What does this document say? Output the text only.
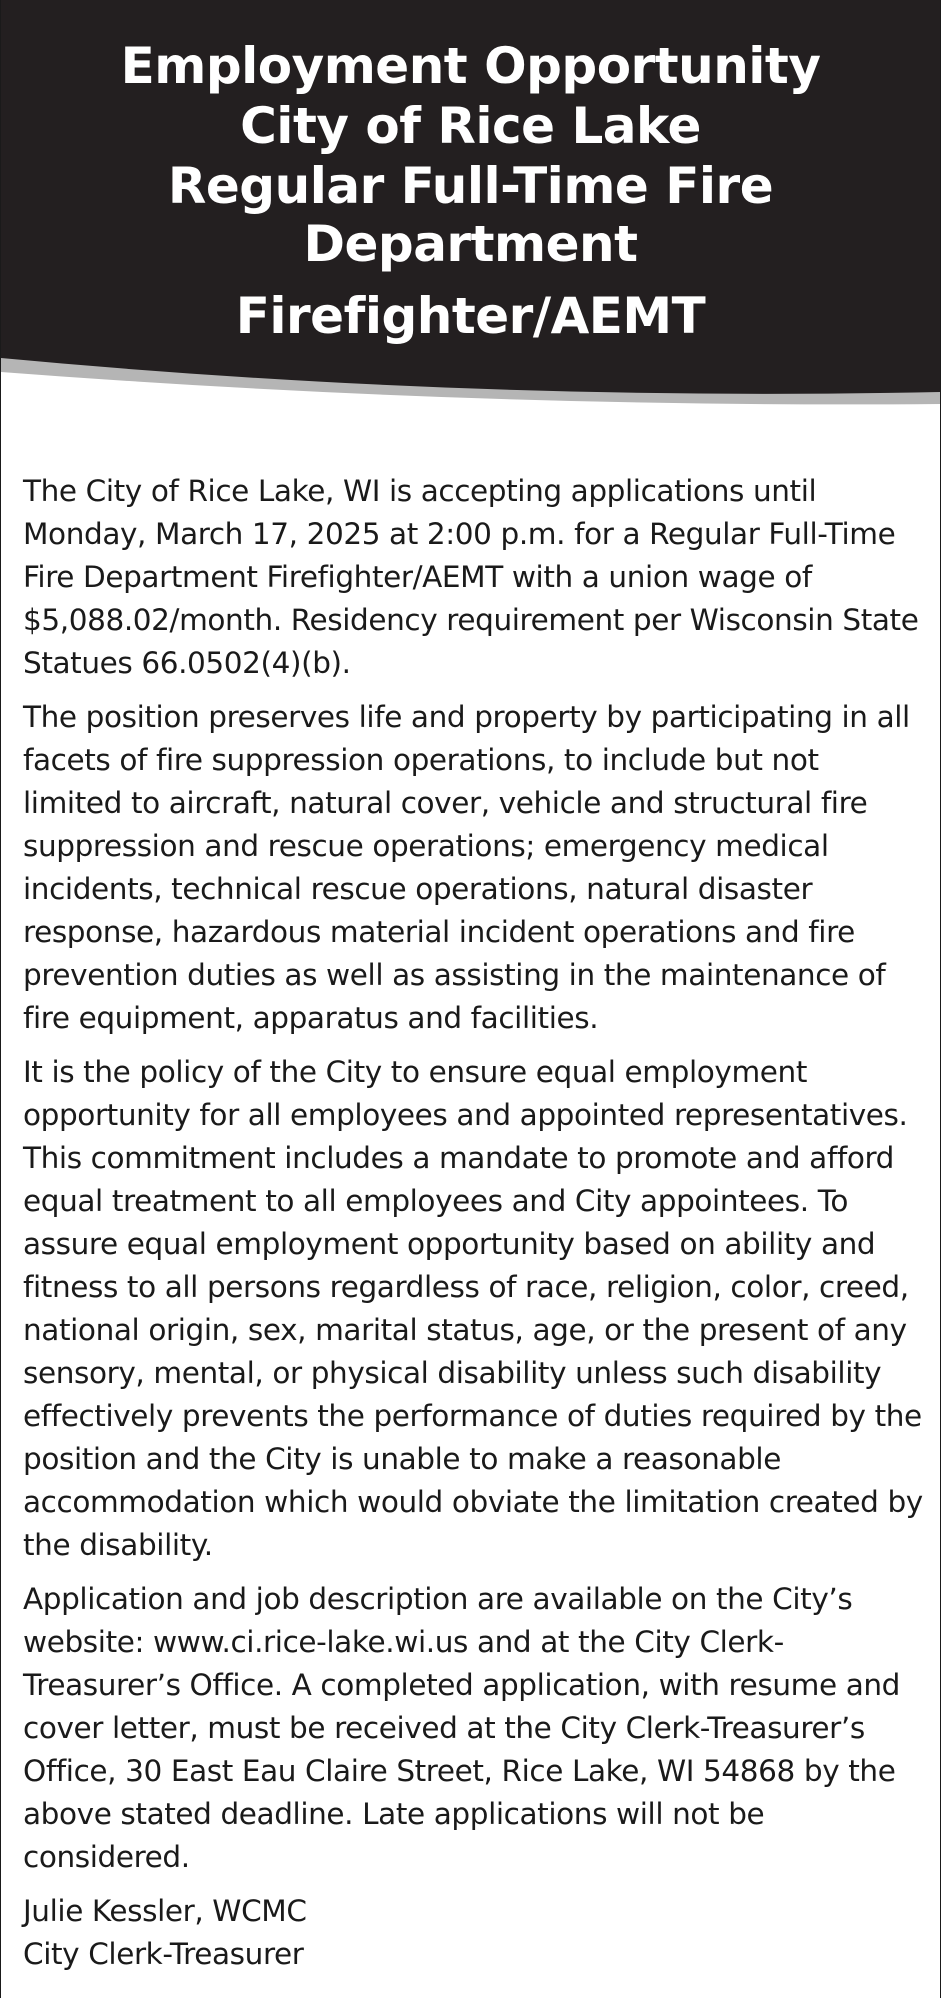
Employment Opportunity
City of Rice Lake
Regular Full-Time Fire
Department
Firefighter/AEMT

The City of Rice Lake, WI is accepting applications until Monday, March 17, 2025 at 2:00 p.m. for a Regular Full-Time Fire Department Firefighter/AEMT with a union wage of $5,088.02/month. Residency requirement per Wisconsin State Statues 66.0502(4)(b).

The position preserves life and property by participating in all facets of fire suppression operations, to include but not limited to aircraft, natural cover, vehicle and structural fire suppression and rescue operations; emergency medical incidents, technical rescue operations, natural disaster response, hazardous material incident operations and fire prevention duties as well as assisting in the maintenance of fire equipment, apparatus and facilities.

It is the policy of the City to ensure equal employment opportunity for all employees and appointed representatives. This commitment includes a mandate to promote and afford equal treatment to all employees and City appointees. To assure equal employment opportunity based on ability and fitness to all persons regardless of race, religion, color, creed, national origin, sex, marital status, age, or the present of any sensory, mental, or physical disability unless such disability effectively prevents the performance of duties required by the position and the City is unable to make a reasonable accommodation which would obviate the limitation created by the disability.

Application and job description are available on the City’s website: www.ci.rice-lake.wi.us and at the City Clerk-Treasurer’s Office. A completed application, with resume and cover letter, must be received at the City Clerk-Treasurer’s Office, 30 East Eau Claire Street, Rice Lake, WI 54868 by the above stated deadline. Late applications will not be considered.

Julie Kessler, WCMC
City Clerk-Treasurer
